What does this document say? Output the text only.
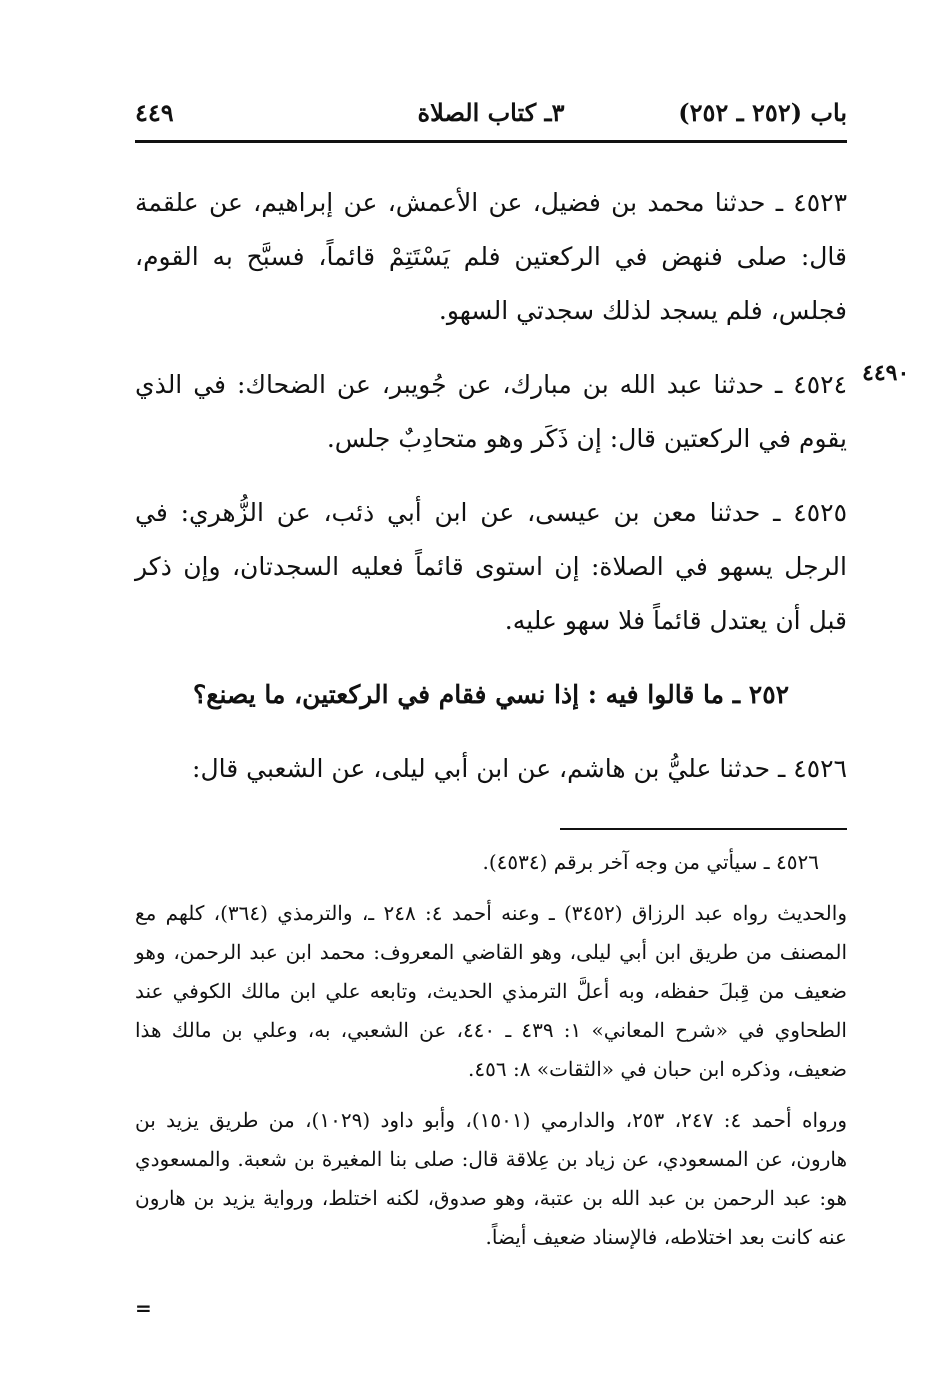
باب (٢٥٢ ـ ٢٥٢)
٣ـ كتاب الصلاة
٤٤٩
٤٤٩٠

٤٥٢٣ ـ حدثنا محمد بن فضيل، عن الأعمش، عن إبراهيم، عن علقمة قال: صلى فنهض في الركعتين فلم يَسْتَتِمْ قائماً، فسبَّح به القوم، فجلس، فلم يسجد لذلك سجدتي السهو.

٤٥٢٤ ـ حدثنا عبد الله بن مبارك، عن جُويبر، عن الضحاك: في الذي يقوم في الركعتين قال: إن ذَكَر وهو متحادِبٌ جلس.

٤٥٢٥ ـ حدثنا معن بن عيسى، عن ابن أبي ذئب، عن الزُّهري: في الرجل يسهو في الصلاة: إن استوى قائماً فعليه السجدتان، وإن ذكر قبل أن يعتدل قائماً فلا سهو عليه.

٢٥٢ ـ ما قالوا فيه : إذا نسي فقام في الركعتين، ما يصنع؟

٤٥٢٦ ـ حدثنا عليُّ بن هاشم، عن ابن أبي ليلى، عن الشعبي قال:

٤٥٢٦ ـ سيأتي من وجه آخر برقم (٤٥٣٤).

والحديث رواه عبد الرزاق (٣٤٥٢) ـ وعنه أحمد ٤: ٢٤٨ ـ، والترمذي (٣٦٤)، كلهم مع المصنف من طريق ابن أبي ليلى، وهو القاضي المعروف: محمد ابن عبد الرحمن، وهو ضعيف من قِبلَ حفظه، وبه أعلَّ الترمذي الحديث، وتابعه علي ابن مالك الكوفي عند الطحاوي في «شرح المعاني» ١: ٤٣٩ ـ ٤٤٠، عن الشعبي، به، وعلي بن مالك هذا ضعيف، وذكره ابن حبان في «الثقات» ٨: ٤٥٦.

ورواه أحمد ٤: ٢٤٧، ٢٥٣، والدارمي (١٥٠١)، وأبو داود (١٠٢٩)، من طريق يزيد بن هارون، عن المسعودي، عن زياد بن عِلاقة قال: صلى بنا المغيرة بن شعبة. والمسعودي هو: عبد الرحمن بن عبد الله بن عتبة، وهو صدوق، لكنه اختلط، ورواية يزيد بن هارون عنه كانت بعد اختلاطه، فالإسناد ضعيف أيضاً.

=
